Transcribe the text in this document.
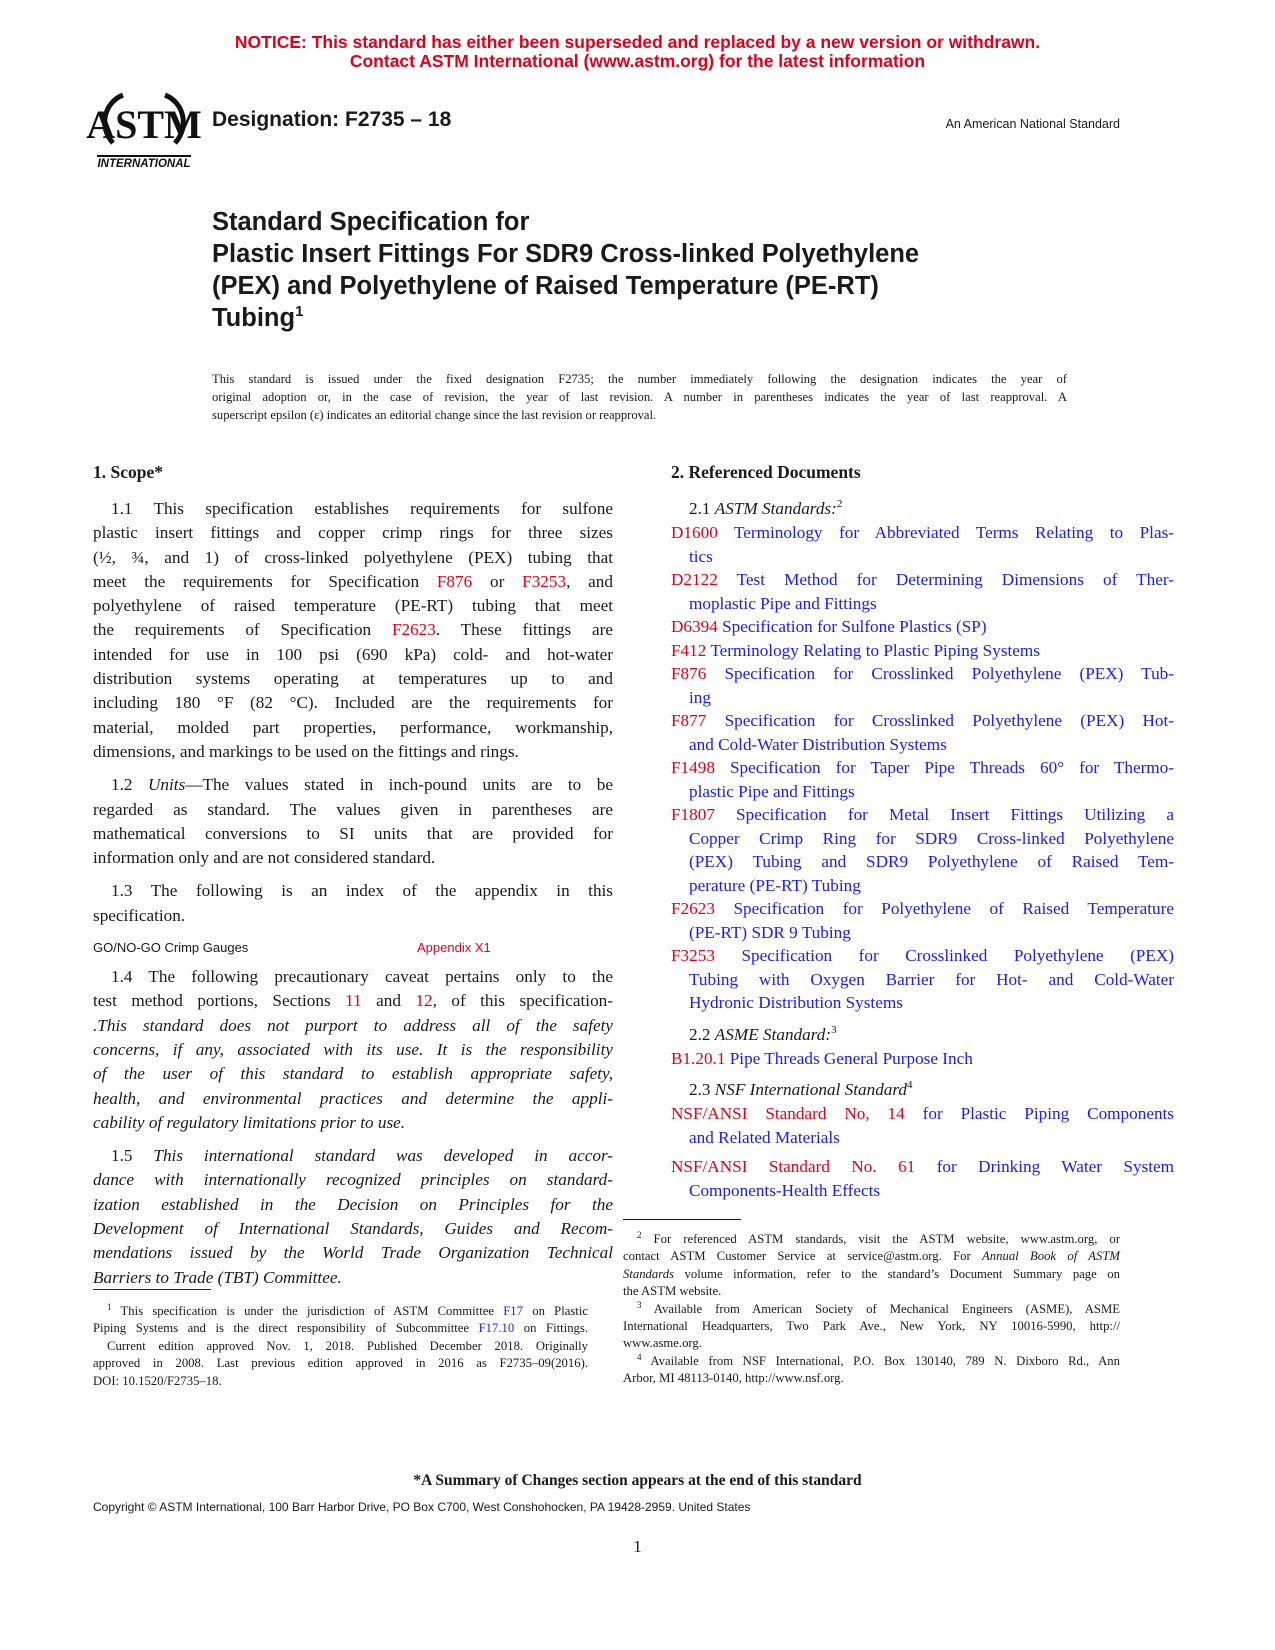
NOTICE: This standard has either been superseded and replaced by a new version or withdrawn.
Contact ASTM International (www.astm.org) for the latest information
ASTM
INTERNATIONAL
Designation: F2735 – 18	An American National Standard
Standard Specification for
Plastic Insert Fittings For SDR9 Cross-linked Polyethylene
(PEX) and Polyethylene of Raised Temperature (PE-RT)
Tubing$^1$
This standard is issued under the fixed designation F2735; the number immediately following the designation indicates the year of
original adoption or, in the case of revision, the year of last revision. A number in parentheses indicates the year of last reapproval. A
superscript epsilon (ε) indicates an editorial change since the last revision or reapproval.
1. Scope*
1.1 This specification establishes requirements for sulfone
plastic insert fittings and copper crimp rings for three sizes
(½, ¾, and 1) of cross-linked polyethylene (PEX) tubing that
meet the requirements for Specification F876 or F3253, and
polyethylene of raised temperature (PE-RT) tubing that meet
the requirements of Specification F2623. These fittings are
intended for use in 100 psi (690 kPa) cold- and hot-water
distribution systems operating at temperatures up to and
including 180 °F (82 °C). Included are the requirements for
material, molded part properties, performance, workmanship,
dimensions, and markings to be used on the fittings and rings.
1.2 Units—The values stated in inch-pound units are to be
regarded as standard. The values given in parentheses are
mathematical conversions to SI units that are provided for
information only and are not considered standard.
1.3 The following is an index of the appendix in this
specification.
GO/NO-GO Crimp Gauges	Appendix X1
1.4 The following precautionary caveat pertains only to the
test method portions, Sections 11 and 12, of this specification-
.This standard does not purport to address all of the safety
concerns, if any, associated with its use. It is the responsibility
of the user of this standard to establish appropriate safety,
health, and environmental practices and determine the appli-
cability of regulatory limitations prior to use.
1.5 This international standard was developed in accor-
dance with internationally recognized principles on standard-
ization established in the Decision on Principles for the
Development of International Standards, Guides and Recom-
mendations issued by the World Trade Organization Technical
Barriers to Trade (TBT) Committee.
2. Referenced Documents
2.1 ASTM Standards:$^2$
D1600 Terminology for Abbreviated Terms Relating to Plas-
tics
D2122 Test Method for Determining Dimensions of Ther-
moplastic Pipe and Fittings
D6394 Specification for Sulfone Plastics (SP)
F412 Terminology Relating to Plastic Piping Systems
F876 Specification for Crosslinked Polyethylene (PEX) Tub-
ing
F877 Specification for Crosslinked Polyethylene (PEX) Hot-
and Cold-Water Distribution Systems
F1498 Specification for Taper Pipe Threads 60° for Thermo-
plastic Pipe and Fittings
F1807 Specification for Metal Insert Fittings Utilizing a
Copper Crimp Ring for SDR9 Cross-linked Polyethylene
(PEX) Tubing and SDR9 Polyethylene of Raised Tem-
perature (PE-RT) Tubing
F2623 Specification for Polyethylene of Raised Temperature
(PE-RT) SDR 9 Tubing
F3253 Specification for Crosslinked Polyethylene (PEX)
Tubing with Oxygen Barrier for Hot- and Cold-Water
Hydronic Distribution Systems
2.2 ASME Standard:$^3$
B1.20.1 Pipe Threads General Purpose Inch
2.3 NSF International Standard$^4$
NSF/ANSI Standard No, 14 for Plastic Piping Components
and Related Materials
NSF/ANSI Standard No. 61 for Drinking Water System
Components-Health Effects
$^1$ This specification is under the jurisdiction of ASTM Committee F17 on Plastic
Piping Systems and is the direct responsibility of Subcommittee F17.10 on Fittings.
Current edition approved Nov. 1, 2018. Published December 2018. Originally
approved in 2008. Last previous edition approved in 2016 as F2735–09(2016).
DOI: 10.1520/F2735–18.
$^2$ For referenced ASTM standards, visit the ASTM website, www.astm.org, or
contact ASTM Customer Service at service@astm.org. For Annual Book of ASTM
Standards volume information, refer to the standard’s Document Summary page on
the ASTM website.
$^3$ Available from American Society of Mechanical Engineers (ASME), ASME
International Headquarters, Two Park Ave., New York, NY 10016-5990, http://
www.asme.org.
$^4$ Available from NSF International, P.O. Box 130140, 789 N. Dixboro Rd., Ann
Arbor, MI 48113-0140, http://www.nsf.org.
*A Summary of Changes section appears at the end of this standard
Copyright © ASTM International, 100 Barr Harbor Drive, PO Box C700, West Conshohocken, PA 19428-2959. United States
1
